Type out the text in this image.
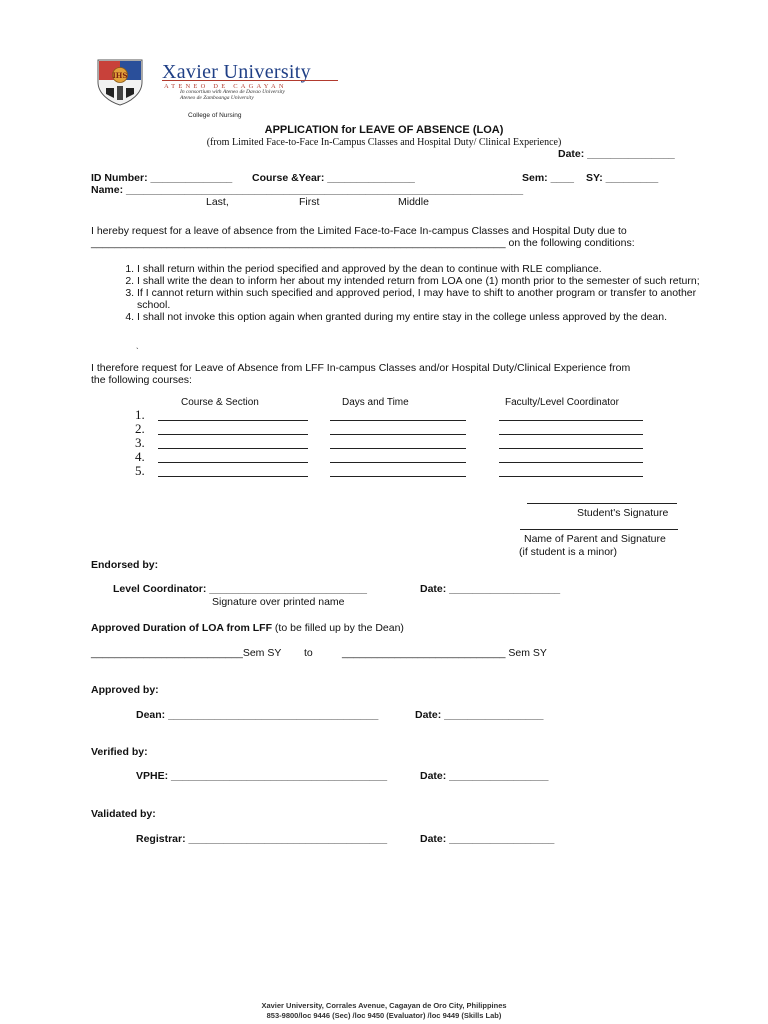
IHS Xavier University
ATENEO DE CAGAYAN
In consortium with Ateneo de Davao University Ateneo de Zamboanga University
College of Nursing
APPLICATION for LEAVE OF ABSENCE (LOA)
(from Limited Face-to-Face In-Campus Classes and Hospital Duty/ Clinical Experience)
Date: _______________
ID Number: ______________ Course &Year: _______________	Sem: ____ SY: _________
Name: ____________________________________________________________________
Last,	First	Middle
I hereby request for a leave of absence from the Limited Face-to-Face In-campus Classes and Hospital Duty due to
_______________________________________________________________________ on the following conditions:
1. I shall return within the period specified and approved by the dean to continue with RLE compliance.
2. I shall write the dean to inform her about my intended return from LOA one (1) month prior to the semester of such return;
3. If I cannot return within such specified and approved period, I may have to shift to another program or transfer to another school.
4. I shall not invoke this option again when granted during my entire stay in the college unless approved by the dean.
`
I therefore request for Leave of Absence from LFF In-campus Classes and/or Hospital Duty/Clinical Experience from
the following courses:
Course & Section	Days and Time	Faculty/Level Coordinator
1.
2.
3.
4.
5.
Student's Signature
Name of Parent and Signature
(if student is a minor)
Endorsed by:
Level Coordinator: ___________________________	Date: ___________________
Signature over printed name
Approved Duration of LOA from LFF (to be filled up by the Dean)
__________________________Sem SY to	____________________________ Sem SY
Approved by:
Dean: ____________________________________	Date: _________________
Verified by:
VPHE: _____________________________________	Date: _________________
Validated by:
Registrar: __________________________________	Date: __________________
Xavier University, Corrales Avenue, Cagayan de Oro City, Philippines
853-9800/loc 9446 (Sec) /loc 9450 (Evaluator) /loc 9449 (Skills Lab)
